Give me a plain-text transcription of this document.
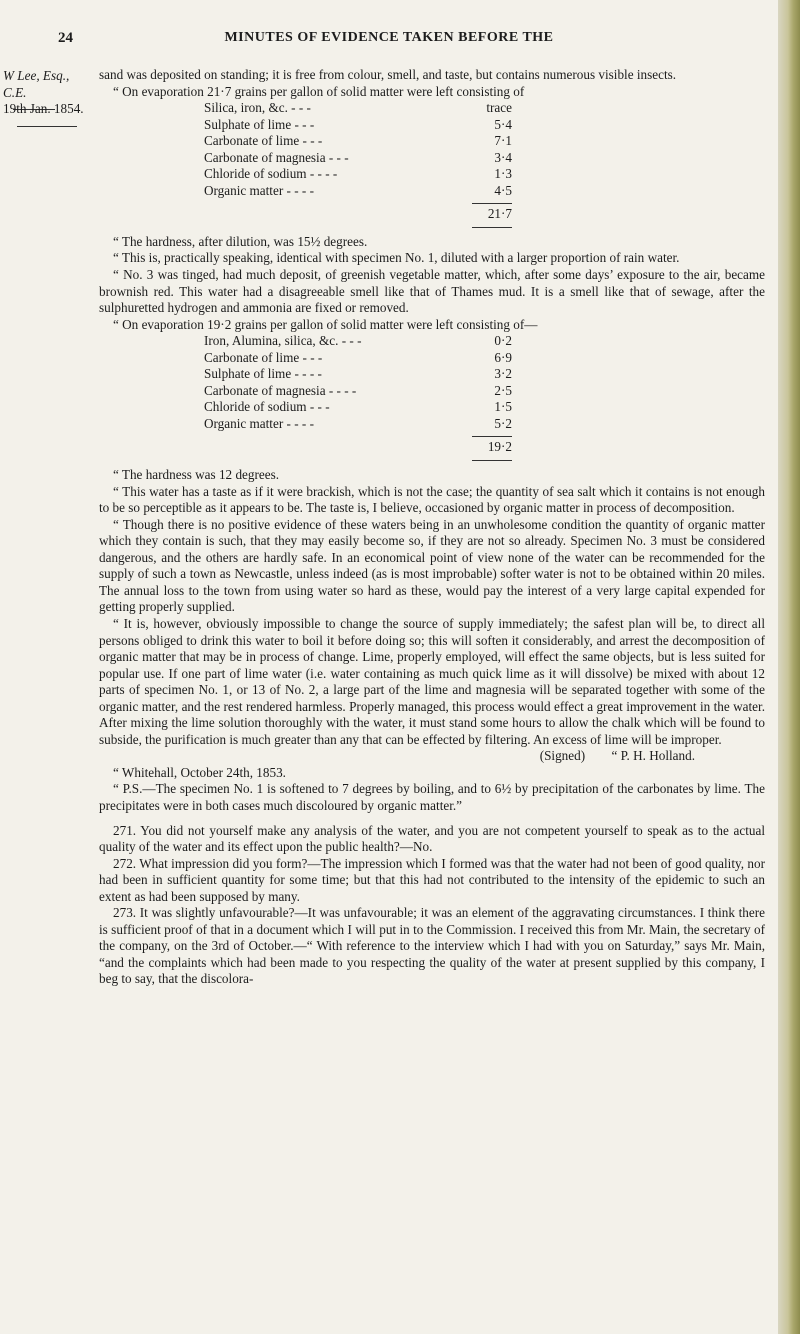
24	MINUTES OF EVIDENCE TAKEN BEFORE THE
W Lee, Esq., C.E.

19th Jan. 1854.

sand was deposited on standing; it is free from colour, smell, and taste, but contains numerous visible insects.

“ On evaporation 21·7 grains per gallon of solid matter were left consisting of

Silica, iron, &c. - - -	trace
Sulphate of lime - - -	5·4
Carbonate of lime - - -	7·1
Carbonate of magnesia - - -	3·4
Chloride of sodium - - - -	1·3
Organic matter - - - -	4·5
21·7

“ The hardness, after dilution, was 15½ degrees.

“ This is, practically speaking, identical with specimen No. 1, diluted with a larger proportion of rain water.

“ No. 3 was tinged, had much deposit, of greenish vegetable matter, which, after some days’ exposure to the air, became brownish red. This water had a disagreeable smell like that of Thames mud. It is a smell like that of sewage, after the sulphuretted hydrogen and ammonia are fixed or removed.

“ On evaporation 19·2 grains per gallon of solid matter were left consisting of—

Iron, Alumina, silica, &c. - - -	0·2
Carbonate of lime - - -	6·9
Sulphate of lime - - - -	3·2
Carbonate of magnesia - - - -	2·5
Chloride of sodium - - -	1·5
Organic matter - - - -	5·2
19·2

“ The hardness was 12 degrees.

“ This water has a taste as if it were brackish, which is not the case; the quantity of sea salt which it contains is not enough to be so perceptible as it appears to be. The taste is, I believe, occasioned by organic matter in process of decomposition.

“ Though there is no positive evidence of these waters being in an unwholesome condition the quantity of organic matter which they contain is such, that they may easily become so, if they are not so already. Specimen No. 3 must be considered dangerous, and the others are hardly safe. In an economical point of view none of the water can be recommended for the supply of such a town as Newcastle, unless indeed (as is most improbable) softer water is not to be obtained within 20 miles. The annual loss to the town from using water so hard as these, would pay the interest of a very large capital expended for getting properly supplied.

“ It is, however, obviously impossible to change the source of supply immediately; the safest plan will be, to direct all persons obliged to drink this water to boil it before doing so; this will soften it considerably, and arrest the decomposition of organic matter that may be in process of change. Lime, properly employed, will effect the same objects, but is less suited for popular use. If one part of lime water (i.e. water containing as much quick lime as it will dissolve) be mixed with about 12 parts of specimen No. 1, or 13 of No. 2, a large part of the lime and magnesia will be separated together with some of the organic matter, and the rest rendered harmless. Properly managed, this process would effect a great improvement in the water. After mixing the lime solution thoroughly with the water, it must stand some hours to allow the chalk which will be found to subside, the purification is much greater than any that can be effected by filtering. An excess of lime will be improper.

(Signed) “ P. H. Holland.

“ Whitehall, October 24th, 1853.

“ P.S.—The specimen No. 1 is softened to 7 degrees by boiling, and to 6½ by precipitation of the carbonates by lime. The precipitates were in both cases much discoloured by organic matter.”

271. You did not yourself make any analysis of the water, and you are not competent yourself to speak as to the actual quality of the water and its effect upon the public health?—No.

272. What impression did you form?—The impression which I formed was that the water had not been of good quality, nor had been in sufficient quantity for some time; but that this had not contributed to the intensity of the epidemic to such an extent as had been supposed by many.

273. It was slightly unfavourable?—It was unfavourable; it was an element of the aggravating circumstances. I think there is sufficient proof of that in a document which I will put in to the Commission. I received this from Mr. Main, the secretary of the company, on the 3rd of October.—“ With reference to the interview which I had with you on Saturday,” says Mr. Main, “and the complaints which had been made to you respecting the quality of the water at present supplied by this company, I beg to say, that the discolora-
